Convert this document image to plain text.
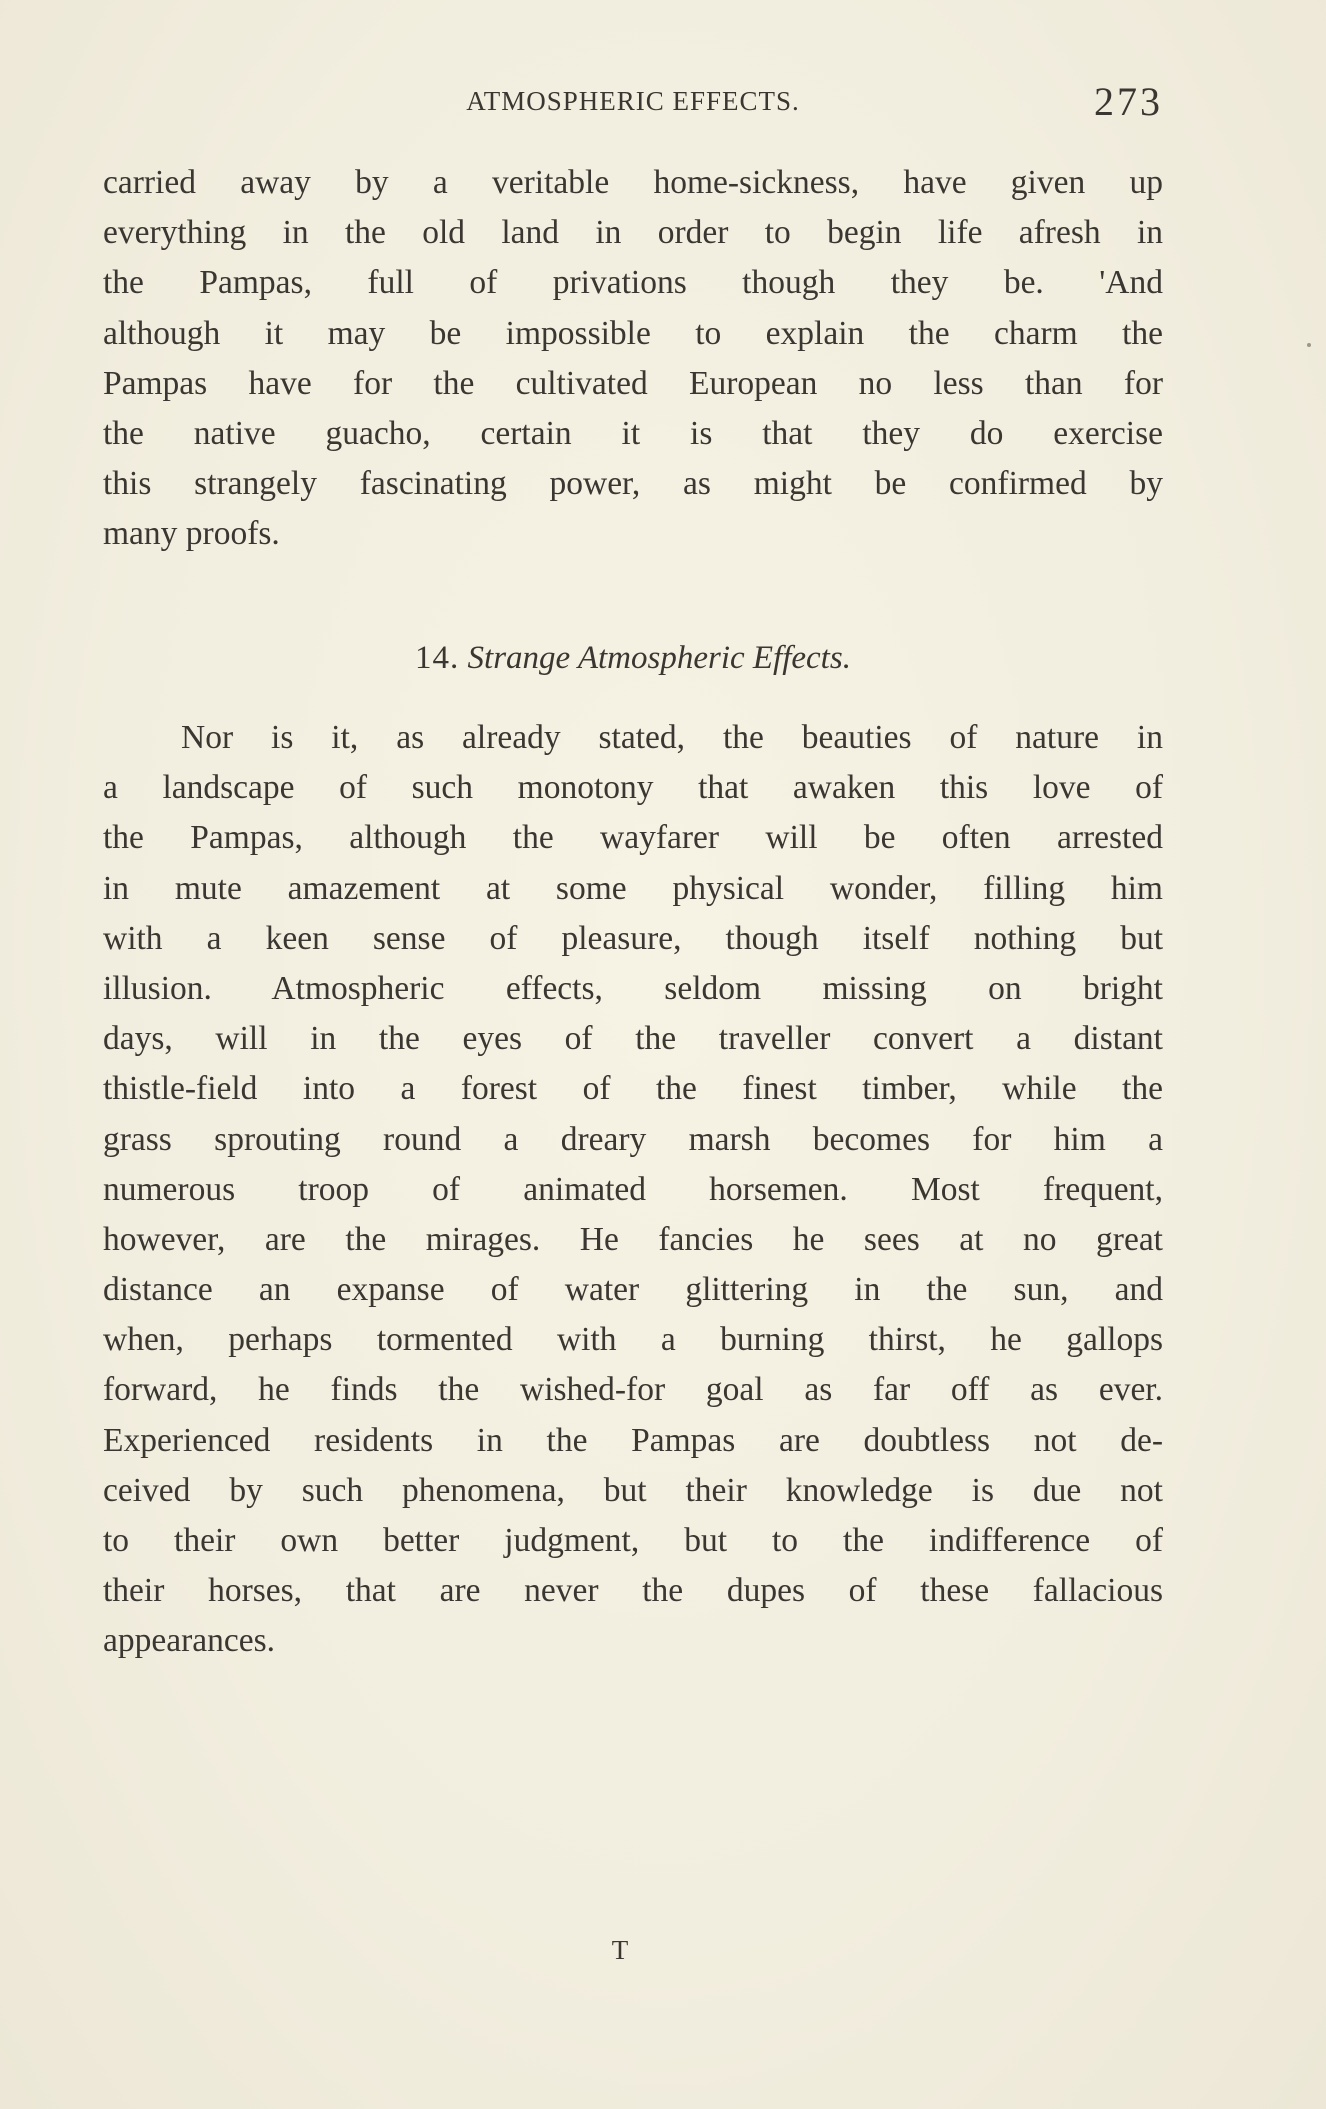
ATMOSPHERIC EFFECTS.	273
carried away by a veritable home-sickness, have given up
everything in the old land in order to begin life afresh in
the Pampas, full of privations though they be. 'And
although it may be impossible to explain the charm the
Pampas have for the cultivated European no less than for
the native guacho, certain it is that they do exercise
this strangely fascinating power, as might be confirmed by
many proofs.
14. Strange Atmospheric Effects.
Nor is it, as already stated, the beauties of nature in
a landscape of such monotony that awaken this love of
the Pampas, although the wayfarer will be often arrested
in mute amazement at some physical wonder, filling him
with a keen sense of pleasure, though itself nothing but
illusion. Atmospheric effects, seldom missing on bright
days, will in the eyes of the traveller convert a distant
thistle-field into a forest of the finest timber, while the
grass sprouting round a dreary marsh becomes for him a
numerous troop of animated horsemen. Most frequent,
however, are the mirages. He fancies he sees at no great
distance an expanse of water glittering in the sun, and
when, perhaps tormented with a burning thirst, he gallops
forward, he finds the wished-for goal as far off as ever.
Experienced residents in the Pampas are doubtless not de-
ceived by such phenomena, but their knowledge is due not
to their own better judgment, but to the indifference of
their horses, that are never the dupes of these fallacious
appearances.
T
